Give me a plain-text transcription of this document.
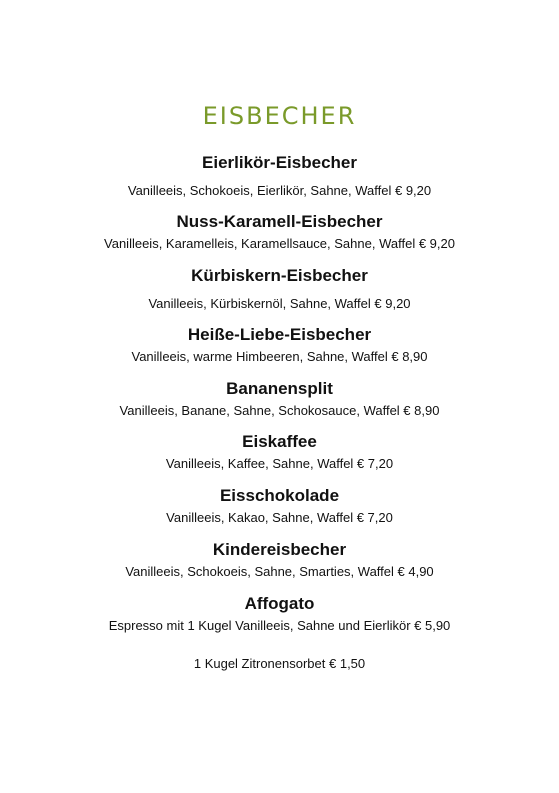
EISBECHER
Eierlikör-Eisbecher
Vanilleeis, Schokoeis, Eierlikör, Sahne, Waffel € 9,20
Nuss-Karamell-Eisbecher
Vanilleeis, Karamelleis, Karamellsauce, Sahne, Waffel € 9,20
Kürbiskern-Eisbecher
Vanilleeis, Kürbiskernöl, Sahne, Waffel € 9,20
Heiße-Liebe-Eisbecher
Vanilleeis, warme Himbeeren, Sahne, Waffel € 8,90
Bananensplit
Vanilleeis, Banane, Sahne, Schokosauce, Waffel € 8,90
Eiskaffee
Vanilleeis, Kaffee, Sahne, Waffel € 7,20
Eisschokolade
Vanilleeis, Kakao, Sahne, Waffel € 7,20
Kindereisbecher
Vanilleeis, Schokoeis, Sahne, Smarties, Waffel € 4,90
Affogato
Espresso mit 1 Kugel Vanilleeis, Sahne und Eierlikör € 5,90
1 Kugel Zitronensorbet € 1,50
